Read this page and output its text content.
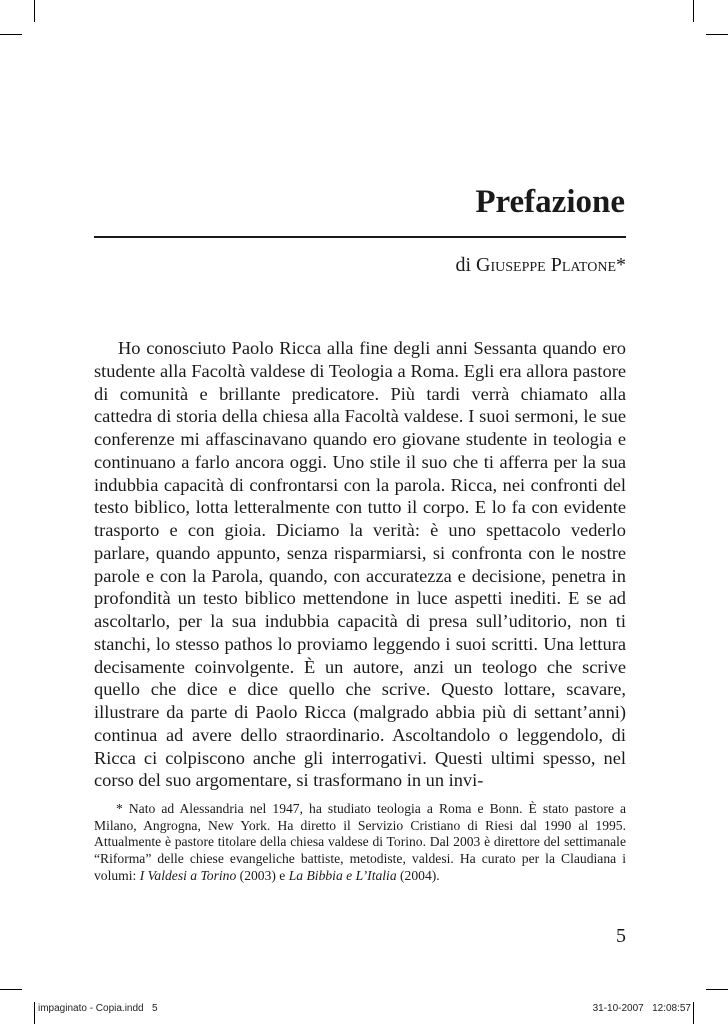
Prefazione
di Giuseppe Platone*

Ho conosciuto Paolo Ricca alla fine degli anni Sessanta quando ero studente alla Facoltà valdese di Teologia a Roma. Egli era allora pastore di comunità e brillante predicatore. Più tardi verrà chiamato alla cattedra di storia della chiesa alla Facoltà valdese. I suoi sermoni, le sue conferenze mi affascinavano quando ero giovane studente in teologia e continuano a farlo ancora oggi. Uno stile il suo che ti afferra per la sua indubbia capacità di confrontarsi con la parola. Ricca, nei confronti del testo biblico, lotta letteralmente con tutto il corpo. E lo fa con evidente trasporto e con gioia. Diciamo la verità: è uno spettacolo vederlo parlare, quando appunto, senza risparmiarsi, si confronta con le nostre parole e con la Parola, quando, con accuratezza e decisione, penetra in profondità un testo biblico mettendone in luce aspetti inediti. E se ad ascoltarlo, per la sua indubbia capacità di presa sull’uditorio, non ti stanchi, lo stesso pathos lo proviamo leggendo i suoi scritti. Una lettura decisamente coinvolgente. È un autore, anzi un teologo che scrive quello che dice e dice quello che scrive. Questo lottare, scavare, illustrare da parte di Paolo Ricca (malgrado abbia più di settant’anni) continua ad avere dello straordinario. Ascoltandolo o leggendolo, di Ricca ci colpiscono anche gli interrogativi. Questi ultimi spesso, nel corso del suo argomentare, si trasformano in un invi-

* Nato ad Alessandria nel 1947, ha studiato teologia a Roma e Bonn. È stato pastore a Milano, Angrogna, New York. Ha diretto il Servizio Cristiano di Riesi dal 1990 al 1995. Attualmente è pastore titolare della chiesa valdese di Torino. Dal 2003 è direttore del settimanale “Riforma” delle chiese evangeliche battiste, metodiste, valdesi. Ha curato per la Claudiana i volumi: I Valdesi a Torino (2003) e La Bibbia e L’Italia (2004).

5
impaginato - Copia.indd   5	31-10-2007   12:08:57
